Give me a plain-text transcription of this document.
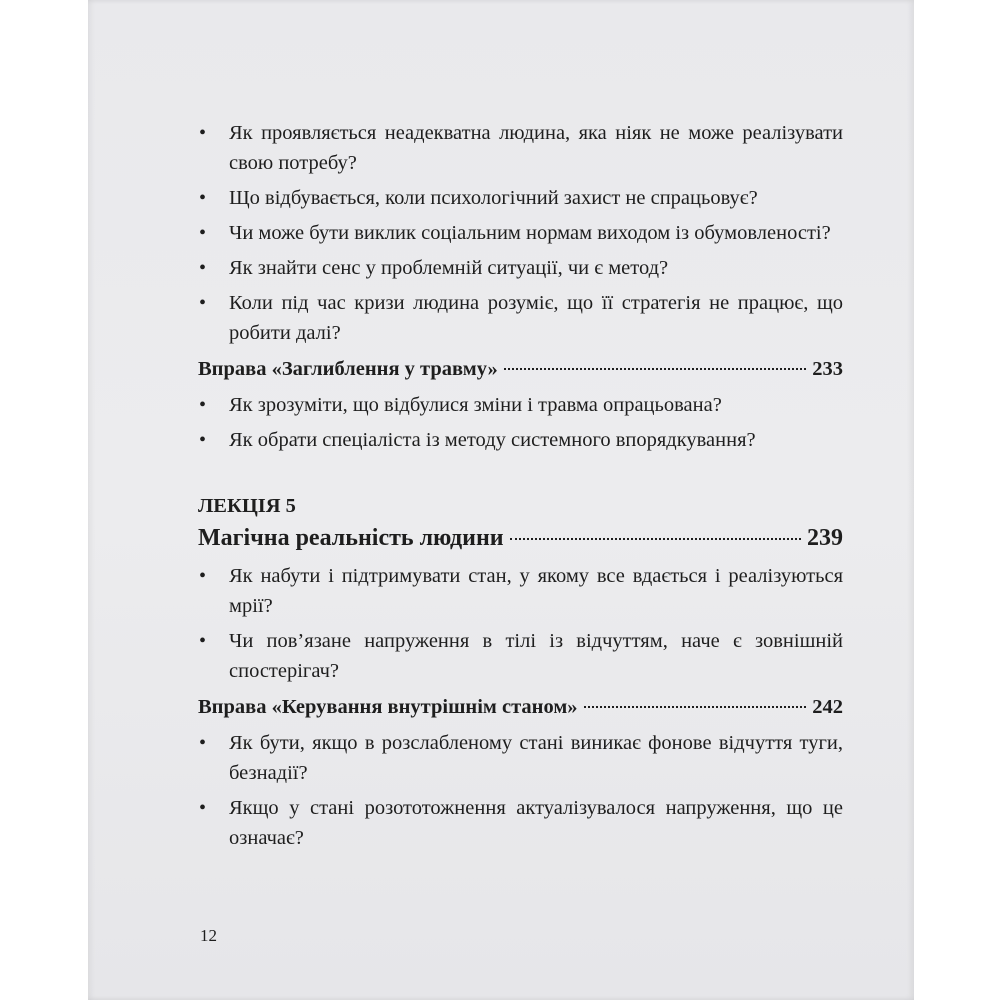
• Як проявляється неадекватна людина, яка ніяк не може реалізувати свою потребу?
• Що відбувається, коли психологічний захист не спрацьовує?
• Чи може бути виклик соціальним нормам виходом із обумовленості?
• Як знайти сенс у проблемній ситуації, чи є метод?
• Коли під час кризи людина розуміє, що її стратегія не працює, що робити далі?
Вправа «Заглиблення у травму»	233
• Як зрозуміти, що відбулися зміни і травма опрацьована?
• Як обрати спеціаліста із методу системного впорядкування?
ЛЕКЦІЯ 5
Магічна реальність людини	239
• Як набути і підтримувати стан, у якому все вдається і реалізуються мрії?
• Чи пов’язане напруження в тілі із відчуттям, наче є зовнішній спостерігач?
Вправа «Керування внутрішнім станом»	242
• Як бути, якщо в розслабленому стані виникає фонове відчуття туги, безнадії?
• Якщо у стані розототожнення актуалізувалося напруження, що це означає?
12
